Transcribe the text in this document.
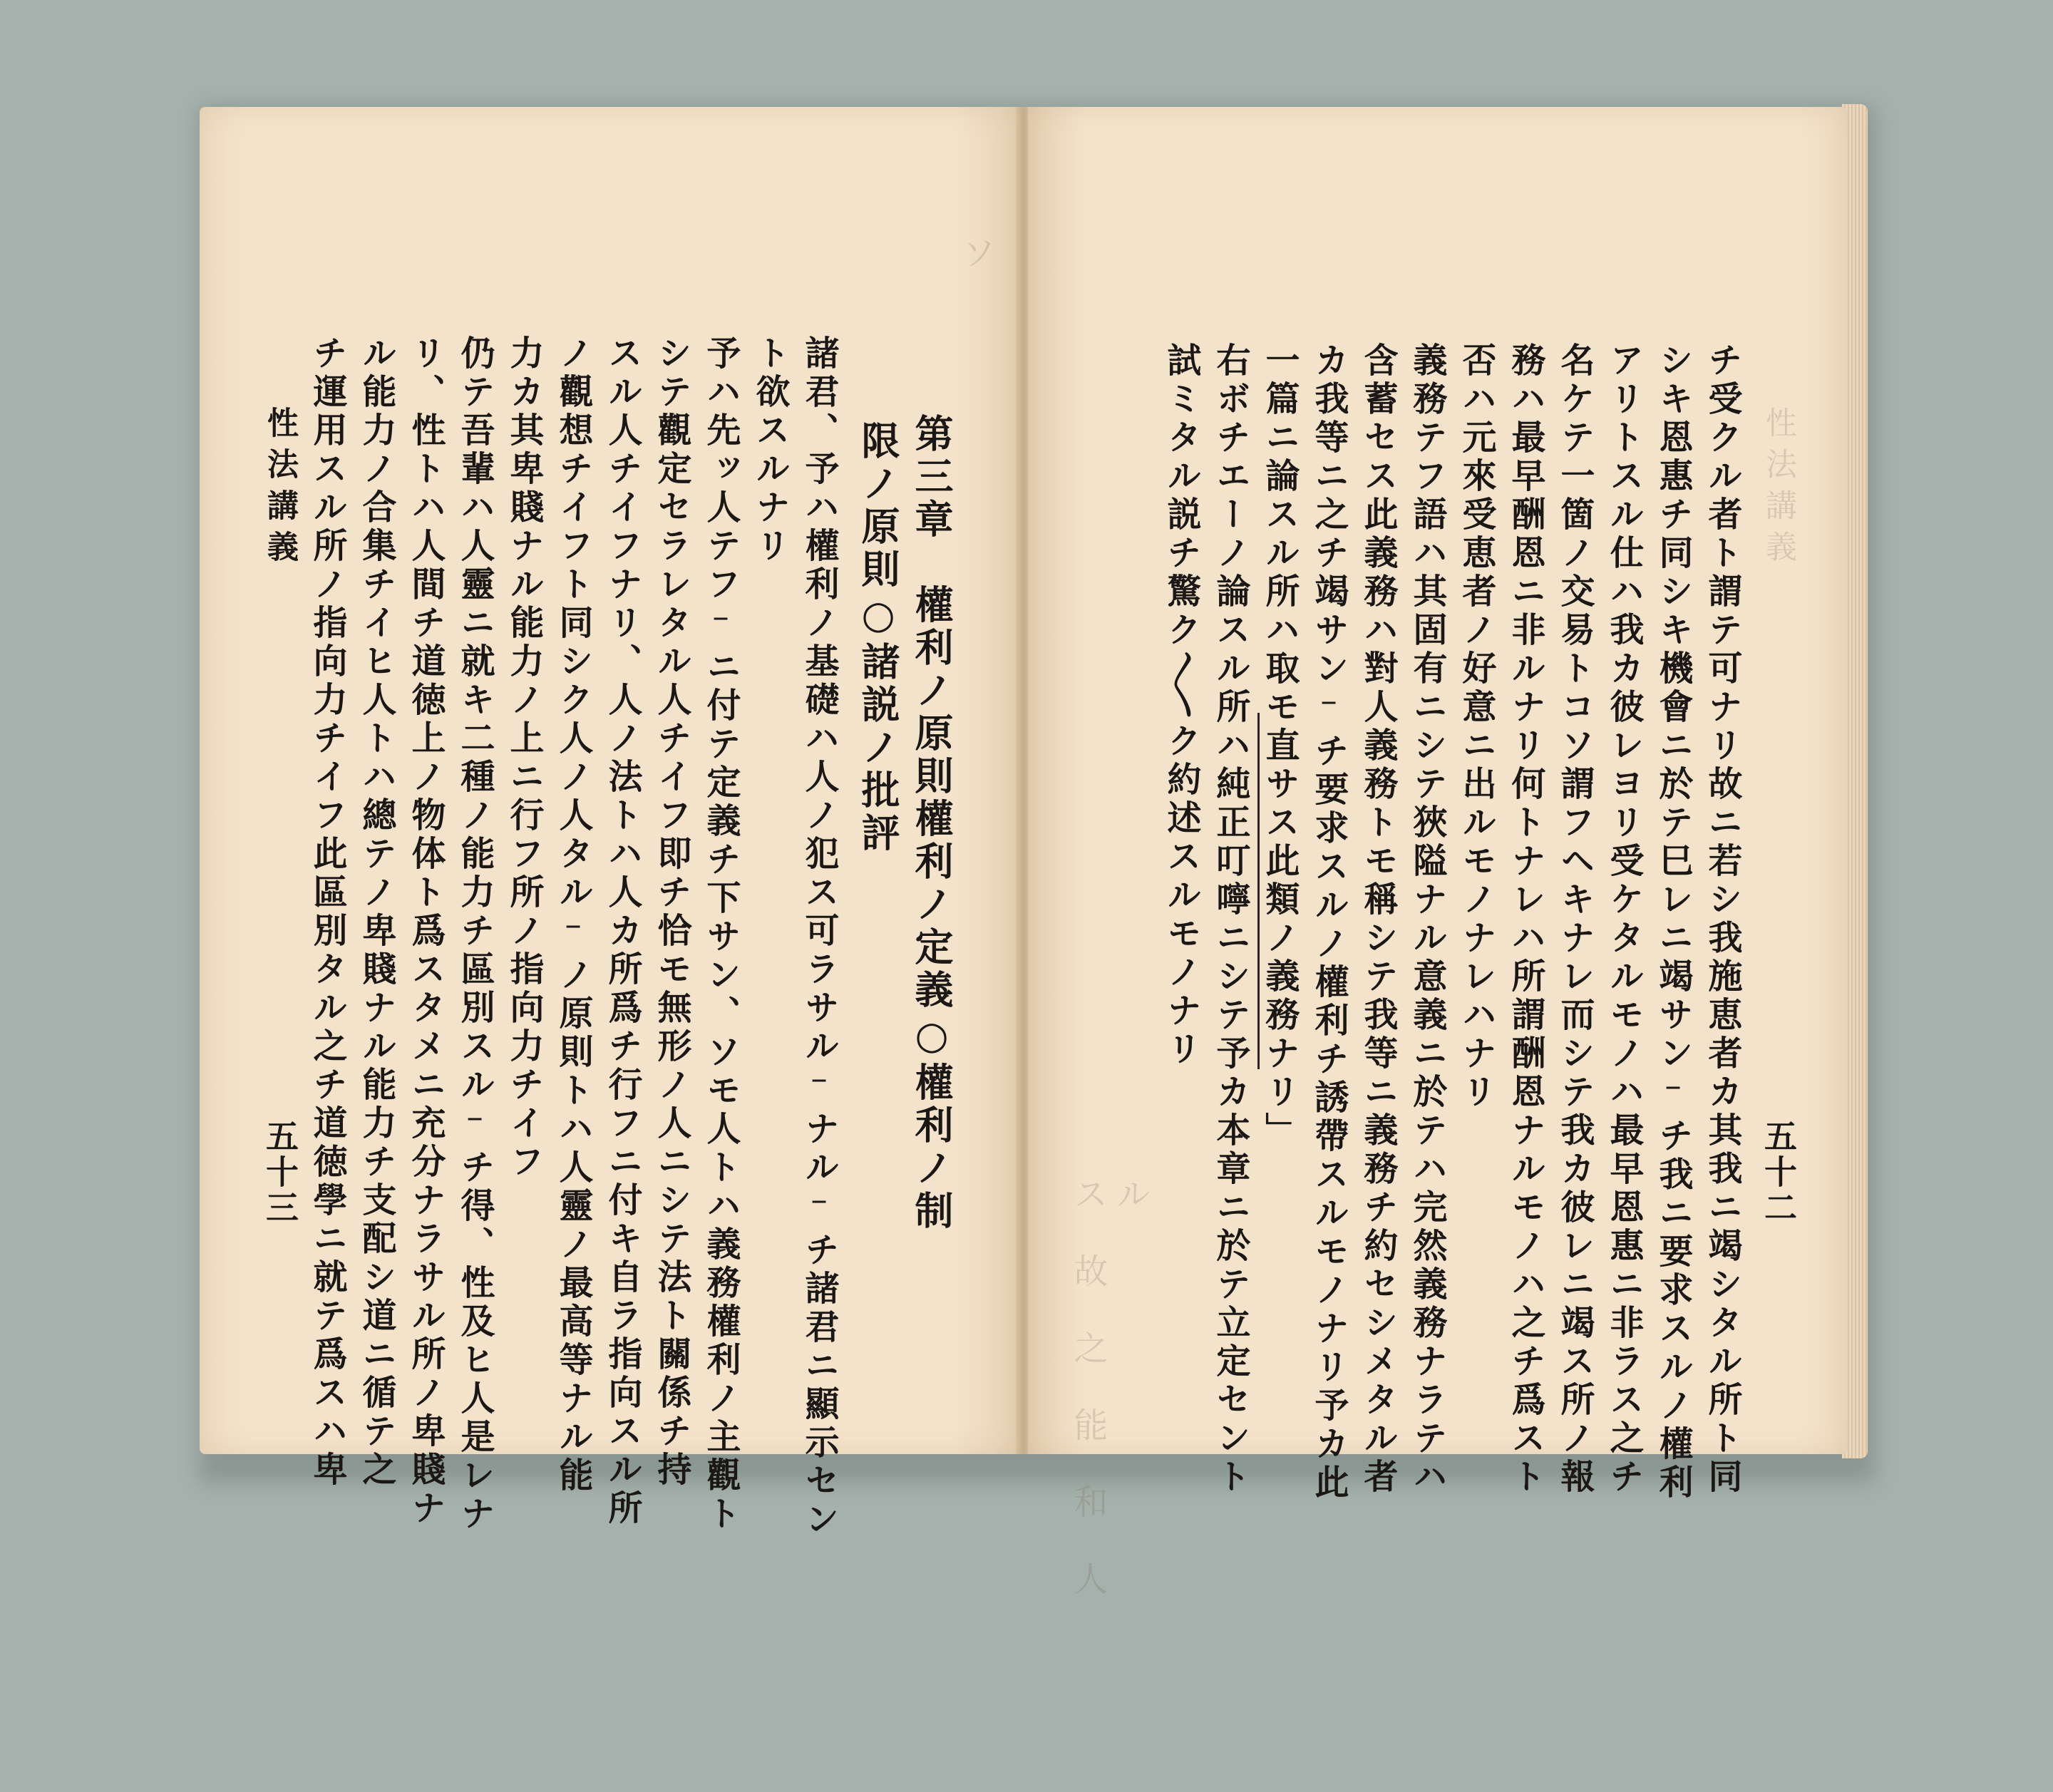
五十三
性法講義 チ運用スル所ノ指向力チイフ此區別タル之チ道徳學ニ就テ爲スハ卑 ル能力ノ合集チイヒ人トハ總テノ卑賤ナル能力チ支配シ道ニ循テ之 リ、性トハ人間チ道徳上ノ物体ト爲スタメニ充分ナラサル所ノ卑賤ナ 仍テ吾輩ハ人靈ニ就キ二種ノ能力チ區別スル⁻チ得、性及ヒ人是レナ 力カ其卑賤ナル能力ノ上ニ行フ所ノ指向力チイフ ノ觀想チイフト同シク人ノ人タル⁻ノ原則トハ人靈ノ最高等ナル能 スル人チイフナリ、人ノ法トハ人カ所爲チ行フニ付キ自ラ指向スル所 シテ觀定セラレタル人チイフ即チ恰モ無形ノ人ニシテ法ト關係チ持 予ハ先ッ人テフ⁻ニ付テ定義チ下サン、ソモ人トハ義務權利ノ主觀ト ト欲スルナリ 諸君、予ハ權利ノ基礎ハ人ノ犯ス可ラサル⁻ナル⁻チ諸君ニ顯示セン 限ノ原則○諸説ノ批評 第三章　權利ノ原則權利ノ定義○權利ノ制 ソ　　　　　　　　　　　　　　　	性法講義
五十二
チ受クル者ト謂テ可ナリ故ニ若シ我施恵者カ其我ニ竭シタル所ト同
シキ恩惠チ同シキ機會ニ於テ巳レニ竭サン⁻チ我ニ要求スルノ權利
アリトスル仕ハ我カ彼レヨリ受ケタルモノハ最早恩惠ニ非ラス之チ
名ケテ一箇ノ交易トコソ謂フヘキナレ而シテ我カ彼レニ竭ス所ノ報
務ハ最早酬恩ニ非ルナリ何トナレハ所謂酬恩ナルモノハ之チ爲スト
否ハ元來受恵者ノ好意ニ出ルモノナレハナリ
義務テフ語ハ其固有ニシテ狹隘ナル意義ニ於テハ完然義務ナラテハ
含蓄セス此義務ハ對人義務トモ稱シテ我等ニ義務チ約セシメタル者
カ我等ニ之チ竭サン⁻チ要求スルノ權利チ誘帶スルモノナリ予カ此
一篇ニ論スル所ハ取モ直サス此類ノ義務ナリ」
右ボチエーノ論スル所ハ純正叮嚀ニシテ予カ本章ニ於テ立定セント
試ミタル説チ驚ク〳〵ク約述スルモノナリ
ル　　　　　　　　　　　　　　　
ス　故　之　能　和　人　　　　　
